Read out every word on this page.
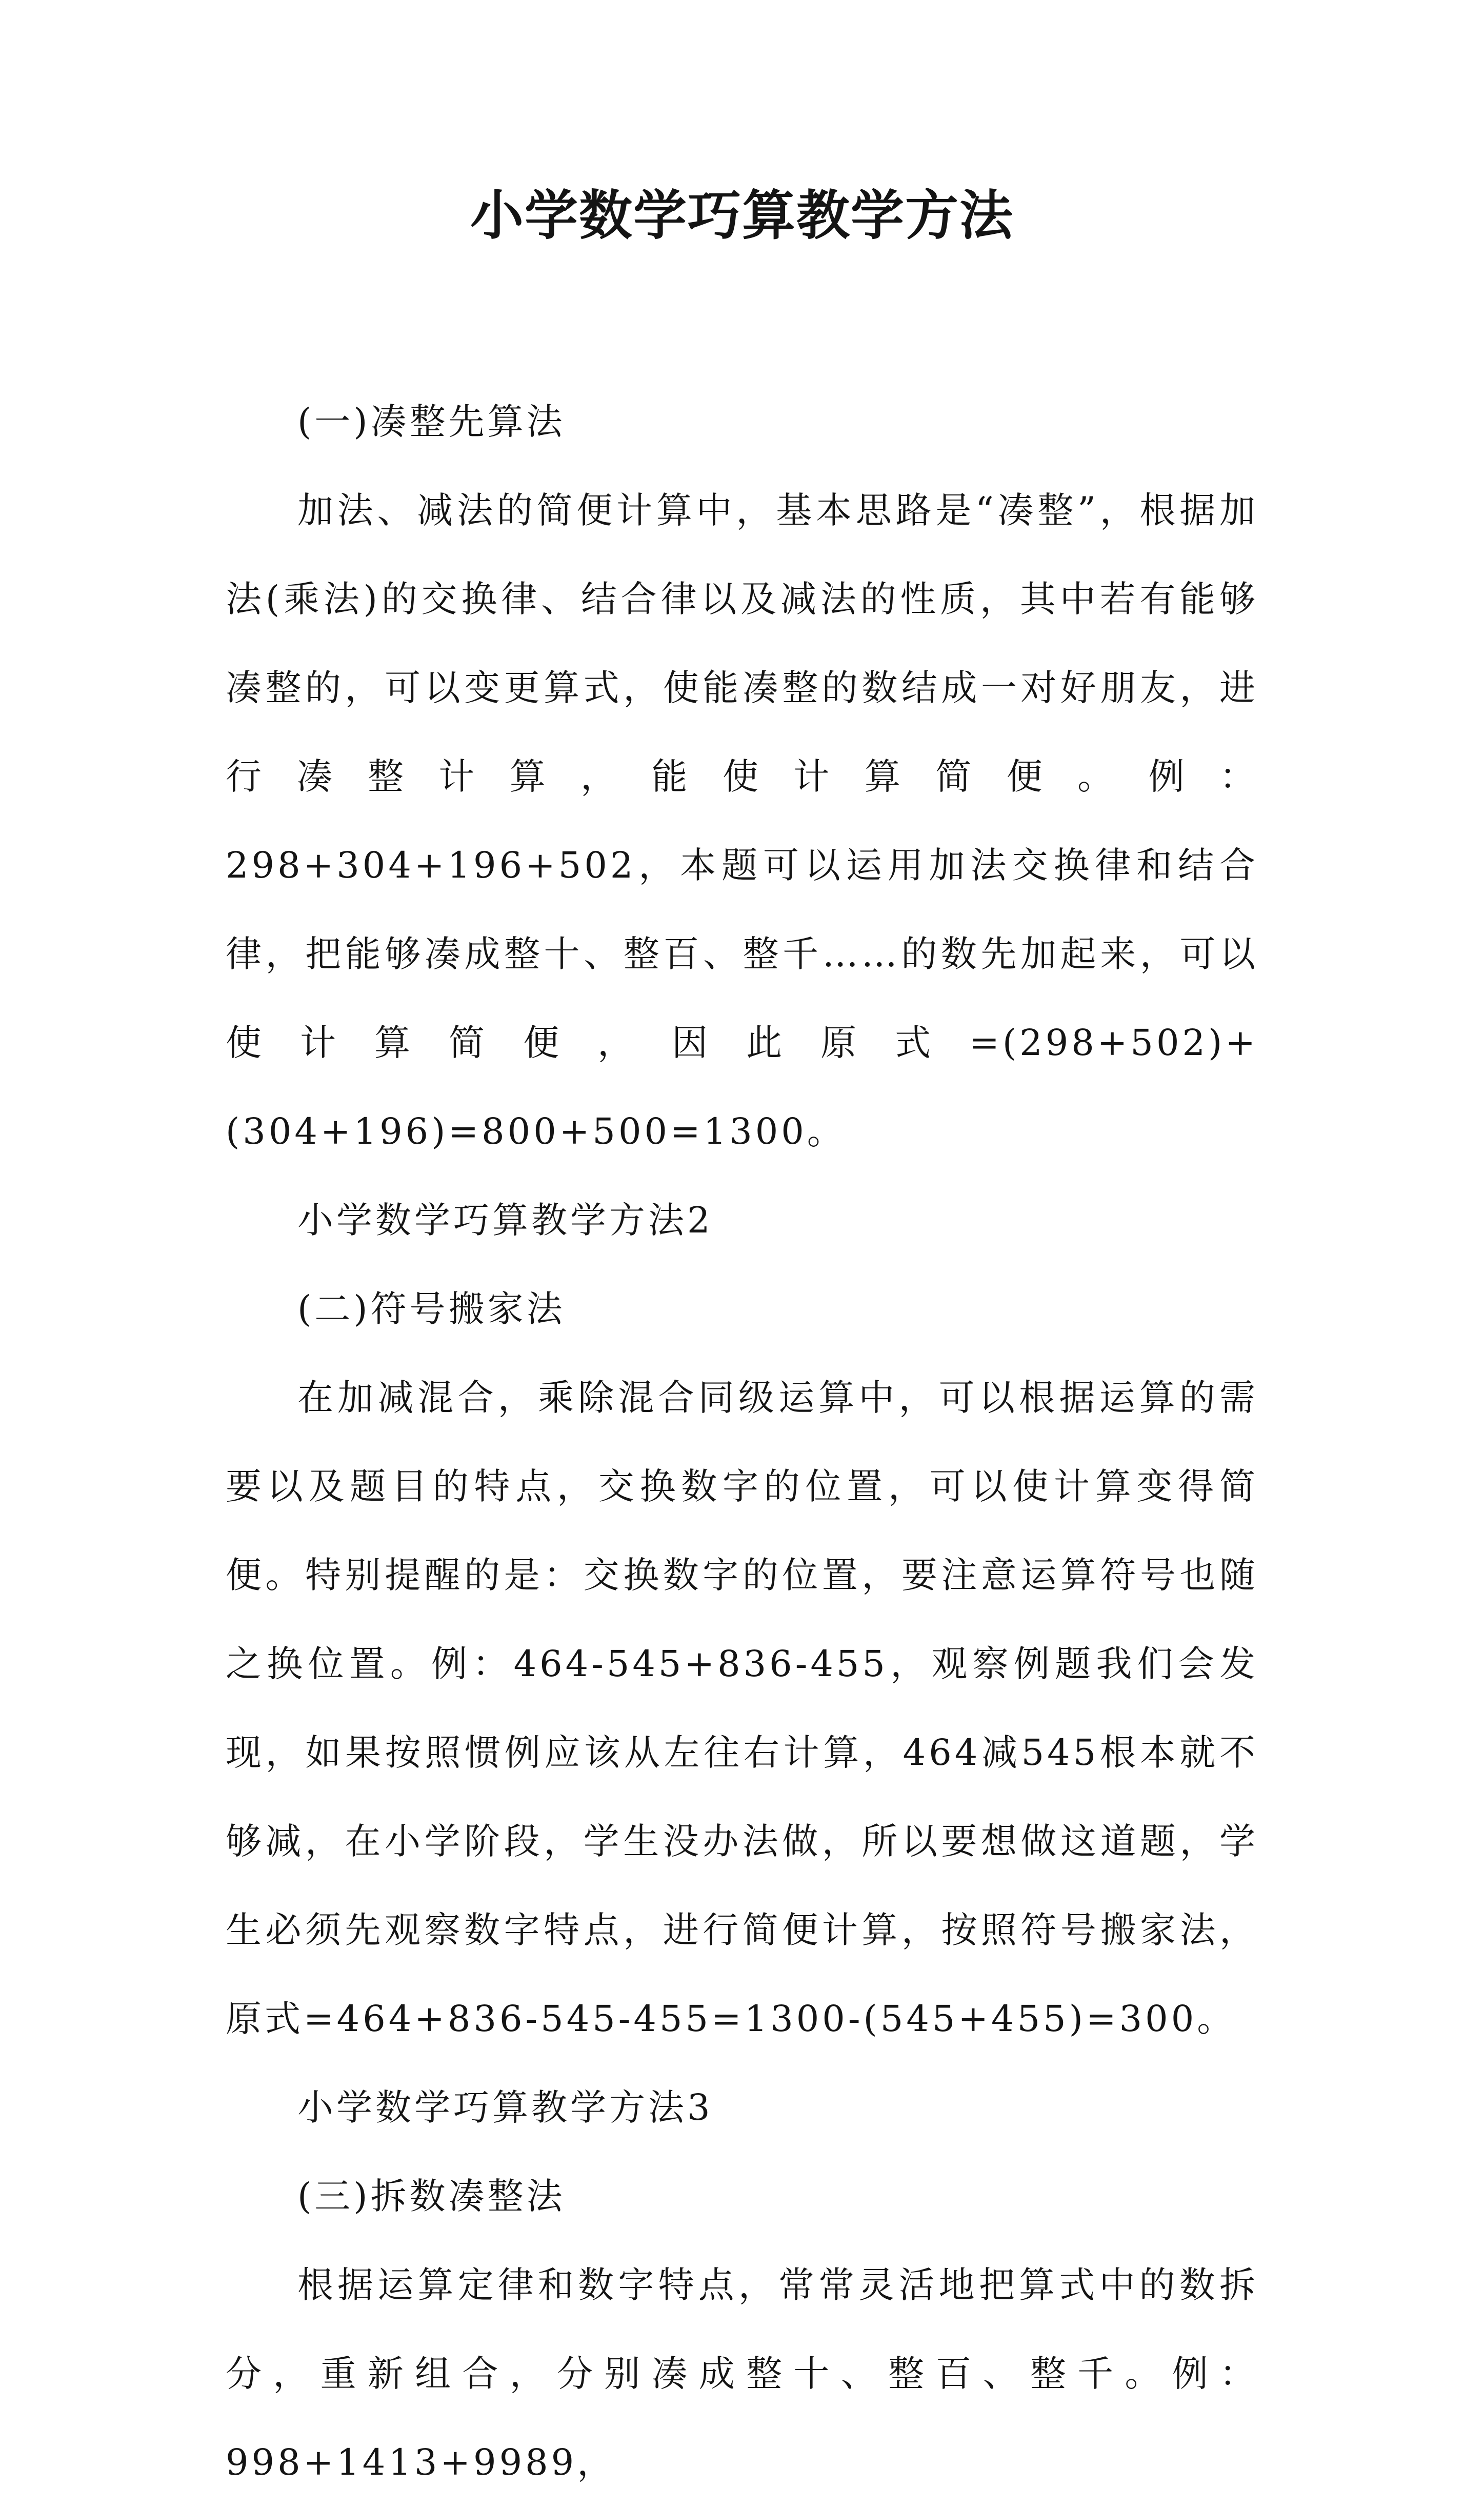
小学数学巧算教学方法

(一)凑整先算法

加法、减法的简便计算中，基本思路是“凑整”，根据加法(乘法)的交换律、结合律以及减法的性质，其中若有能够凑整的，可以变更算式，使能凑整的数结成一对好朋友，进行凑整计算，能使计算简便。例：298+304+196+502，本题可以运用加法交换律和结合律，把能够凑成整十、整百、整千……的数先加起来，可以使计算简便，因此原式=(298+502)+(304+196)=800+500=1300。

小学数学巧算教学方法2

(二)符号搬家法

在加减混合，乘除混合同级运算中，可以根据运算的需要以及题目的特点，交换数字的位置，可以使计算变得简便。特别提醒的是：交换数字的位置，要注意运算符号也随之换位置。例：464-545+836-455，观察例题我们会发现，如果按照惯例应该从左往右计算，464减545根本就不够减，在小学阶段，学生没办法做，所以要想做这道题，学生必须先观察数字特点，进行简便计算，按照符号搬家法，原式=464+836-545-455=1300-(545+455)=300。

小学数学巧算教学方法3

(三)拆数凑整法

根据运算定律和数字特点，常常灵活地把算式中的数拆分，重新组合，分别凑成整十、整百、整千。例：998+1413+9989，
